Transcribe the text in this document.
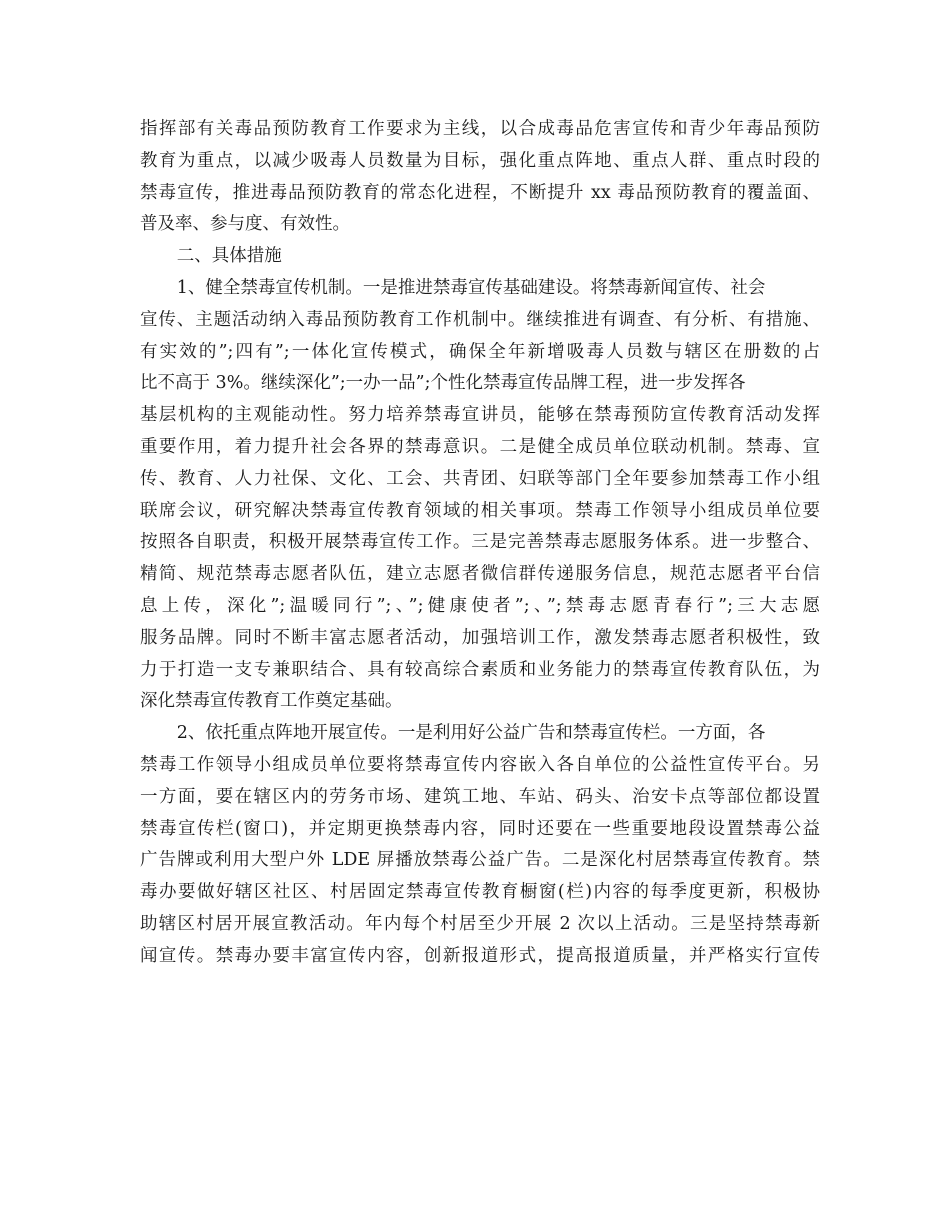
指挥部有关毒品预防教育工作要求为主线，以合成毒品危害宣传和青少年毒品预防
教育为重点，以减少吸毒人员数量为目标，强化重点阵地、重点人群、重点时段的
禁毒宣传，推进毒品预防教育的常态化进程，不断提升 xx 毒品预防教育的覆盖面、
普及率、参与度、有效性。
二、具体措施
1、健全禁毒宣传机制。一是推进禁毒宣传基础建设。将禁毒新闻宣传、社会
宣传、主题活动纳入毒品预防教育工作机制中。继续推进有调查、有分析、有措施、
有实效的”;四有”;一体化宣传模式，确保全年新增吸毒人员数与辖区在册数的占
比不高于 3%。继续深化”;一办一品”;个性化禁毒宣传品牌工程，进一步发挥各
基层机构的主观能动性。努力培养禁毒宣讲员，能够在禁毒预防宣传教育活动发挥
重要作用，着力提升社会各界的禁毒意识。二是健全成员单位联动机制。禁毒、宣
传、教育、人力社保、文化、工会、共青团、妇联等部门全年要参加禁毒工作小组
联席会议，研究解决禁毒宣传教育领域的相关事项。禁毒工作领导小组成员单位要
按照各自职责，积极开展禁毒宣传工作。三是完善禁毒志愿服务体系。进一步整合、
精简、规范禁毒志愿者队伍，建立志愿者微信群传递服务信息，规范志愿者平台信
息上传，深化”;温暖同行”;、”;健康使者”;、”;禁毒志愿青春行”;三大志愿
服务品牌。同时不断丰富志愿者活动，加强培训工作，激发禁毒志愿者积极性，致
力于打造一支专兼职结合、具有较高综合素质和业务能力的禁毒宣传教育队伍，为
深化禁毒宣传教育工作奠定基础。
2、依托重点阵地开展宣传。一是利用好公益广告和禁毒宣传栏。一方面，各
禁毒工作领导小组成员单位要将禁毒宣传内容嵌入各自单位的公益性宣传平台。另
一方面，要在辖区内的劳务市场、建筑工地、车站、码头、治安卡点等部位都设置
禁毒宣传栏(窗口)，并定期更换禁毒内容，同时还要在一些重要地段设置禁毒公益
广告牌或利用大型户外 LDE 屏播放禁毒公益广告。二是深化村居禁毒宣传教育。禁
毒办要做好辖区社区、村居固定禁毒宣传教育橱窗(栏)内容的每季度更新，积极协
助辖区村居开展宣教活动。年内每个村居至少开展 2 次以上活动。三是坚持禁毒新
闻宣传。禁毒办要丰富宣传内容，创新报道形式，提高报道质量，并严格实行宣传
